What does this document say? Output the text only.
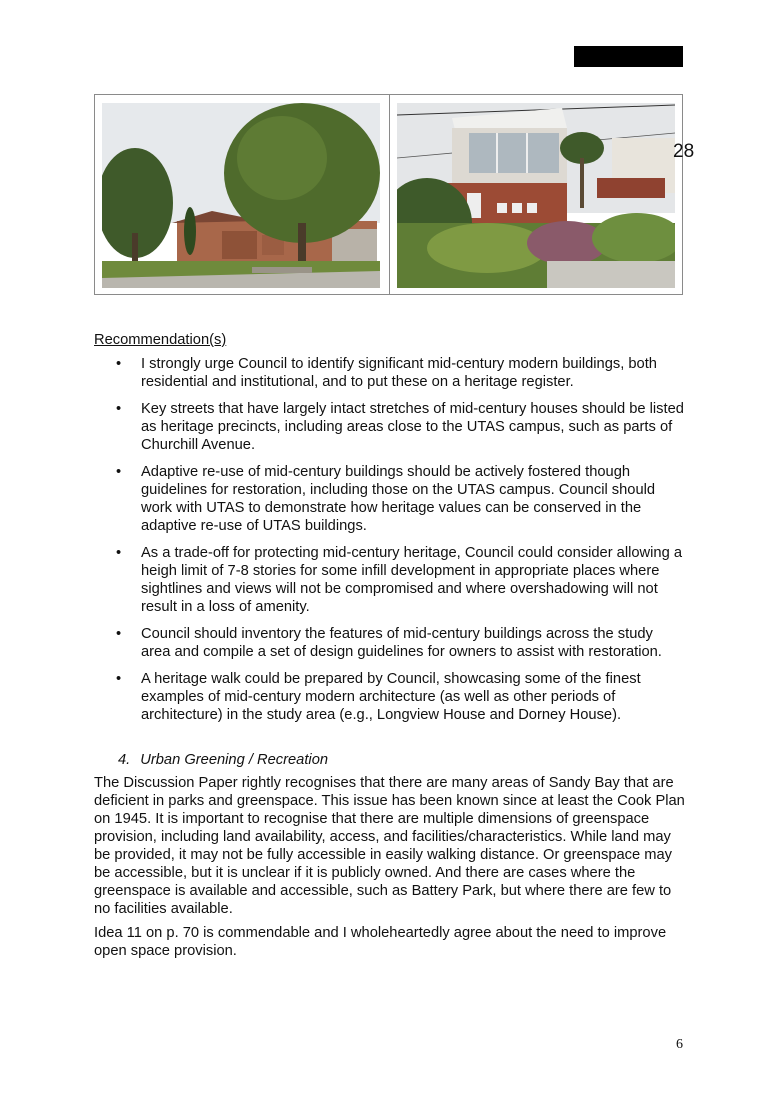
28
Recommendation(s)
• I strongly urge Council to identify significant mid-century modern buildings, both residential and institutional, and to put these on a heritage register.
• Key streets that have largely intact stretches of mid-century houses should be listed as heritage precincts, including areas close to the UTAS campus, such as parts of Churchill Avenue.
• Adaptive re-use of mid-century buildings should be actively fostered though guidelines for restoration, including those on the UTAS campus. Council should work with UTAS to demonstrate how heritage values can be conserved in the adaptive re-use of UTAS buildings.
• As a trade-off for protecting mid-century heritage, Council could consider allowing a heigh limit of 7-8 stories for some infill development in appropriate places where sightlines and views will not be compromised and where overshadowing will not result in a loss of amenity.
• Council should inventory the features of mid-century buildings across the study area and compile a set of design guidelines for owners to assist with restoration.
• A heritage walk could be prepared by Council, showcasing some of the finest examples of mid-century modern architecture (as well as other periods of architecture) in the study area (e.g., Longview House and Dorney House).
4. Urban Greening / Recreation

The Discussion Paper rightly recognises that there are many areas of Sandy Bay that are deficient in parks and greenspace. This issue has been known since at least the Cook Plan on 1945. It is important to recognise that there are multiple dimensions of greenspace provision, including land availability, access, and facilities/characteristics. While land may be provided, it may not be fully accessible in easily walking distance. Or greenspace may be accessible, but it is unclear if it is publicly owned. And there are cases where the greenspace is available and accessible, such as Battery Park, but where there are few to no facilities available.

Idea 11 on p. 70 is commendable and I wholeheartedly agree about the need to improve open space provision.

6
